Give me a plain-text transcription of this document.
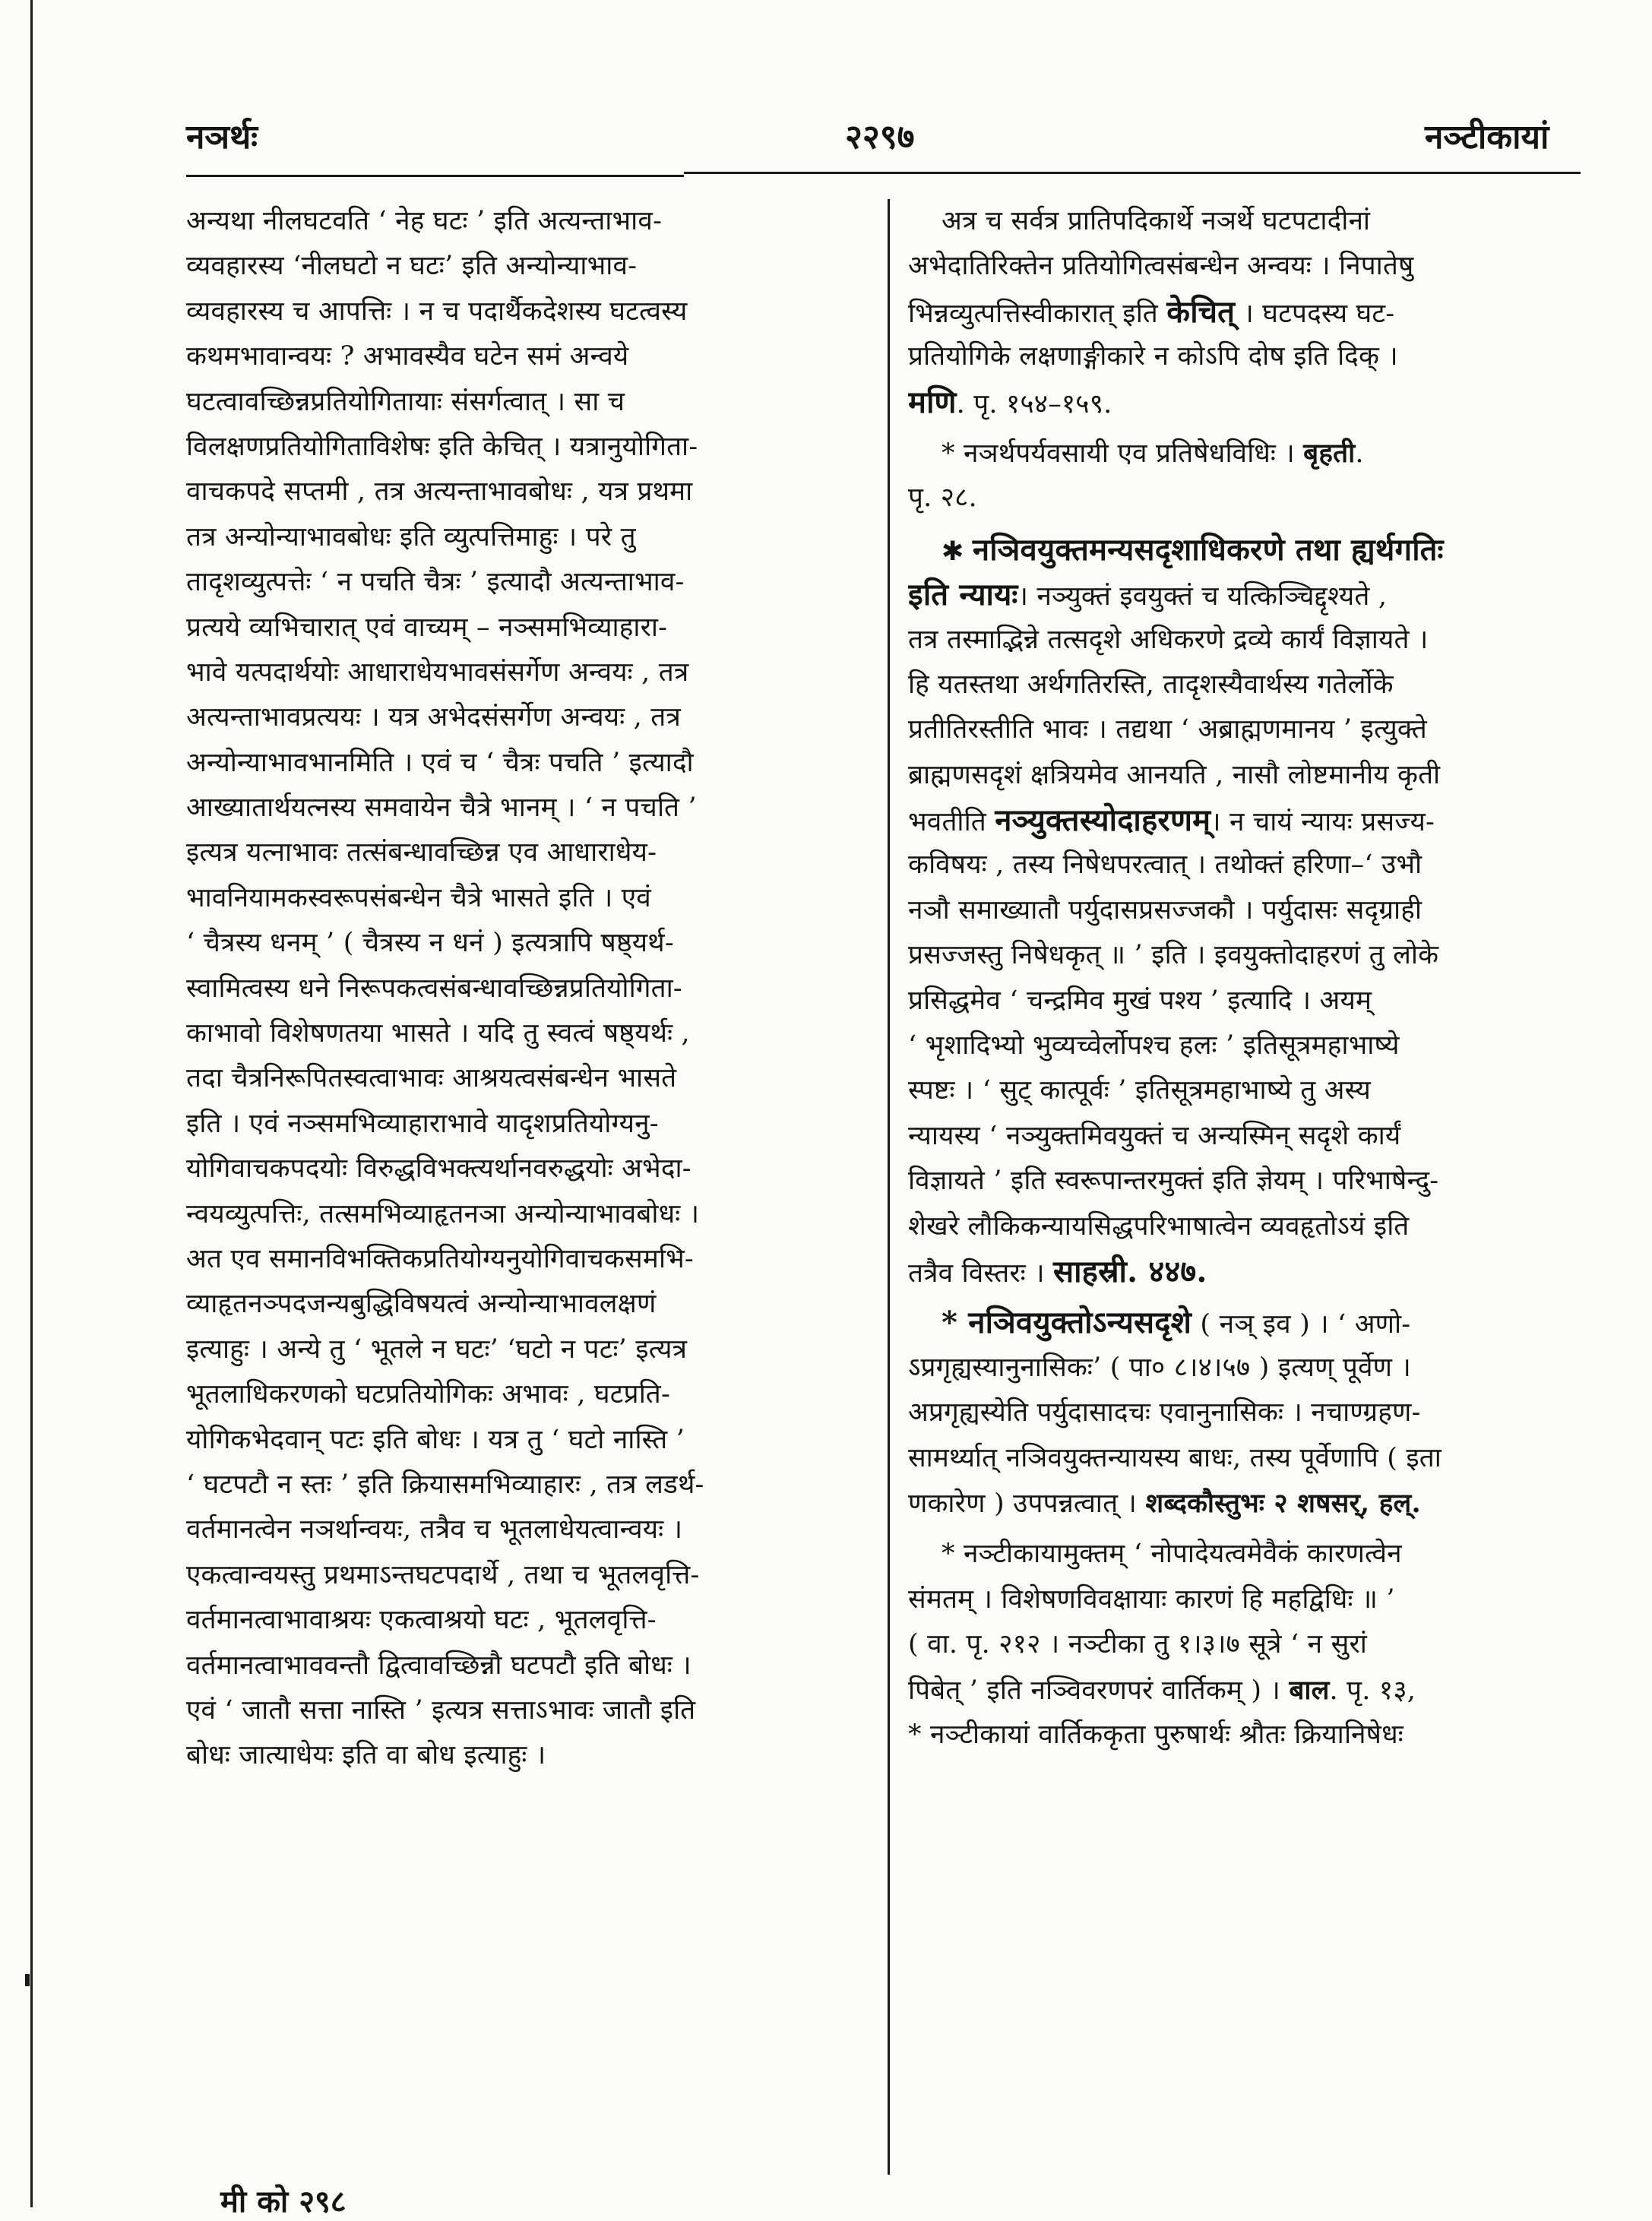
नञर्थः	२२९७	नञ्टीकायां
अन्यथा नीलघटवति ‘ नेह घटः ’ इति अत्यन्ताभाव-
व्यवहारस्य ‘नीलघटो न घटः’ इति अन्योन्याभाव-
व्यवहारस्य च आपत्तिः । न च पदार्थैकदेशस्य घटत्वस्य
कथमभावान्वयः ? अभावस्यैव घटेन समं अन्वये
घटत्वावच्छिन्नप्रतियोगितायाः संसर्गत्वात् । सा च
विलक्षणप्रतियोगिताविशेषः इति केचित् । यत्रानुयोगिता-
वाचकपदे सप्तमी , तत्र अत्यन्ताभावबोधः , यत्र प्रथमा
तत्र अन्योन्याभावबोधः इति व्युत्पत्तिमाहुः । परे तु
तादृशव्युत्पत्तेः ‘ न पचति चैत्रः ’ इत्यादौ अत्यन्ताभाव-
प्रत्यये व्यभिचारात् एवं वाच्यम् – नञ्समभिव्याहारा-
भावे यत्पदार्थयोः आधाराधेयभावसंसर्गेण अन्वयः , तत्र
अत्यन्ताभावप्रत्ययः । यत्र अभेदसंसर्गेण अन्वयः , तत्र
अन्योन्याभावभानमिति । एवं च ‘ चैत्रः पचति ’ इत्यादौ
आख्यातार्थयत्नस्य समवायेन चैत्रे भानम् । ‘ न पचति ’
इत्यत्र यत्नाभावः तत्संबन्धावच्छिन्न एव आधाराधेय-
भावनियामकस्वरूपसंबन्धेन चैत्रे भासते इति । एवं
‘ चैत्रस्य धनम् ’ ( चैत्रस्य न धनं ) इत्यत्रापि षष्ठ्यर्थ-
स्वामित्वस्य धने निरूपकत्वसंबन्धावच्छिन्नप्रतियोगिता-
काभावो विशेषणतया भासते । यदि तु स्वत्वं षष्ठ्यर्थः ,
तदा चैत्रनिरूपितस्वत्वाभावः आश्रयत्वसंबन्धेन भासते
इति । एवं नञ्समभिव्याहाराभावे यादृशप्रतियोग्यनु-
योगिवाचकपदयोः विरुद्धविभक्त्यर्थानवरुद्धयोः अभेदा-
न्वयव्युत्पत्तिः, तत्समभिव्याहृतनञा अन्योन्याभावबोधः ।
अत एव समानविभक्तिकप्रतियोग्यनुयोगिवाचकसमभि-
व्याहृतनञ्पदजन्यबुद्धिविषयत्वं अन्योन्याभावलक्षणं
इत्याहुः । अन्ये तु ‘ भूतले न घटः’ ‘घटो न पटः’ इत्यत्र
भूतलाधिकरणको घटप्रतियोगिकः अभावः , घटप्रति-
योगिकभेदवान् पटः इति बोधः । यत्र तु ‘ घटो नास्ति ’
‘ घटपटौ न स्तः ’ इति क्रियासमभिव्याहारः , तत्र लडर्थ-
वर्तमानत्वेन नञर्थान्वयः, तत्रैव च भूतलाधेयत्वान्वयः ।
एकत्वान्वयस्तु प्रथमाऽन्तघटपदार्थे , तथा च भूतलवृत्ति-
वर्तमानत्वाभावाश्रयः एकत्वाश्रयो घटः , भूतलवृत्ति-
वर्तमानत्वाभाववन्तौ द्वित्वावच्छिन्नौ घटपटौ इति बोधः ।
एवं ‘ जातौ सत्ता नास्ति ’ इत्यत्र सत्ताऽभावः जातौ इति
बोधः जात्याधेयः इति वा बोध इत्याहुः ।
अत्र च सर्वत्र प्रातिपदिकार्थे नञर्थे घटपटादीनां
अभेदातिरिक्तेन प्रतियोगित्वसंबन्धेन अन्वयः । निपातेषु
भिन्नव्युत्पत्तिस्वीकारात् इति केचित् । घटपदस्य घट-
प्रतियोगिके लक्षणाङ्गीकारे न कोऽपि दोष इति दिक् ।
मणि. पृ. १५४–१५९.
* नञर्थपर्यवसायी एव प्रतिषेधविधिः । बृहती.
पृ. २८.
✱ नञिवयुक्तमन्यसदृशाधिकरणे तथा ह्यर्थगतिः
इति न्यायः। नञ्युक्तं इवयुक्तं च यत्किञ्चिद्दृश्यते ,
तत्र तस्माद्भिन्ने तत्सदृशे अधिकरणे द्रव्ये कार्यं विज्ञायते ।
हि यतस्तथा अर्थगतिरस्ति, तादृशस्यैवार्थस्य गतेर्लोके
प्रतीतिरस्तीति भावः । तद्यथा ‘ अब्राह्मणमानय ’ इत्युक्ते
ब्राह्मणसदृशं क्षत्रियमेव आनयति , नासौ लोष्टमानीय कृती
भवतीति नञ्युक्तस्योदाहरणम्। न चायं न्यायः प्रसज्य-
कविषयः , तस्य निषेधपरत्वात् । तथोक्तं हरिणा–‘ उभौ
नञौ समाख्यातौ पर्युदासप्रसज्जकौ । पर्युदासः सदृग्राही
प्रसज्जस्तु निषेधकृत् ॥ ’ इति । इवयुक्तोदाहरणं तु लोके
प्रसिद्धमेव ‘ चन्द्रमिव मुखं पश्य ’ इत्यादि । अयम्
‘ भृशादिभ्यो भुव्यच्वेर्लोपश्च हलः ’ इतिसूत्रमहाभाष्ये
स्पष्टः । ‘ सुट् कात्पूर्वः ’ इतिसूत्रमहाभाष्ये तु अस्य
न्यायस्य ‘ नञ्युक्तमिवयुक्तं च अन्यस्मिन् सदृशे कार्यं
विज्ञायते ’ इति स्वरूपान्तरमुक्तं इति ज्ञेयम् । परिभाषेन्दु-
शेखरे लौकिकन्यायसिद्धपरिभाषात्वेन व्यवहृतोऽयं इति
तत्रैव विस्तरः । साहस्री. ४४७.
* नञिवयुक्तोऽन्यसदृशे ( नञ् इव ) । ‘ अणो-
ऽप्रगृह्यस्यानुनासिकः’ ( पा० ८।४।५७ ) इत्यण् पूर्वेण ।
अप्रगृह्यस्येति पर्युदासादचः एवानुनासिकः । नचाण्ग्रहण-
सामर्थ्यात् नञिवयुक्तन्यायस्य बाधः, तस्य पूर्वेणापि ( इता
णकारेण ) उपपन्नत्वात् । शब्दकौस्तुभः २ शषसर्, हल्.
* नञ्टीकायामुक्तम् ‘ नोपादेयत्वमेवैकं कारणत्वेन
संमतम् । विशेषणविवक्षायाः कारणं हि महद्विधिः ॥ ’
( वा. पृ. २१२ । नञ्टीका तु १।३।७ सूत्रे ‘ न सुरां
पिबेत् ’ इति नञ्विवरणपरं वार्तिकम् ) । बाल. पृ. १३,
* नञ्टीकायां वार्तिककृता पुरुषार्थः श्रौतः क्रियानिषेधः
मी को २९८
